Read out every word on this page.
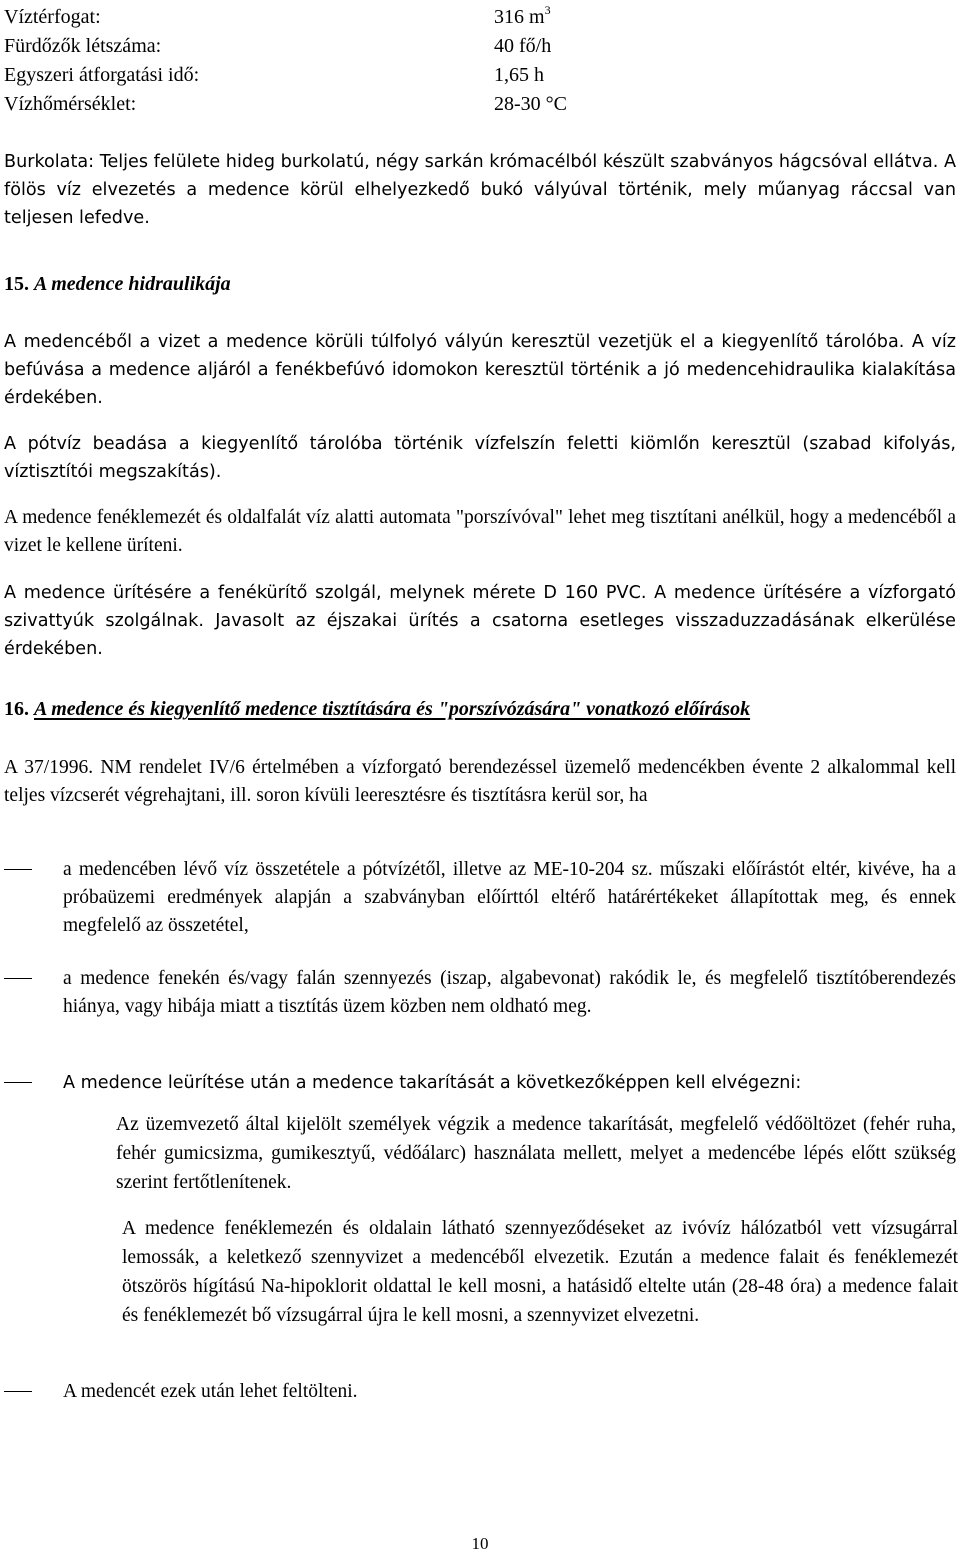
Víztérfogat:	316 $m^3$
Fürdőzők létszáma:	40 fő/h
Egyszeri átforgatási idő:	1,65 h
Vízhőmérséklet:	28-30 °C

Burkolata: Teljes felülete hideg burkolatú, négy sarkán krómacélból készült szabványos hágcsóval ellátva. A fölös víz elvezetés a medence körül elhelyezkedő bukó vályúval történik, mely műanyag ráccsal van teljesen lefedve.

15. A medence hidraulikája

A medencéből a vizet a medence körüli túlfolyó vályún keresztül vezetjük el a kiegyenlítő tárolóba. A víz befúvása a medence aljáról a fenékbefúvó idomokon keresztül történik a jó medencehidraulika kialakítása érdekében.

A pótvíz beadása a kiegyenlítő tárolóba történik vízfelszín feletti kiömlőn keresztül (szabad kifolyás, víztisztítói megszakítás).

A medence fenéklemezét és oldalfalát víz alatti automata "porszívóval" lehet meg tisztítani anélkül, hogy a medencéből a vizet le kellene üríteni.

A medence ürítésére a fenékürítő szolgál, melynek mérete D 160 PVC. A medence ürítésére a vízforgató szivattyúk szolgálnak. Javasolt az éjszakai ürítés a csatorna esetleges visszaduzzadásának elkerülése érdekében.

16. A medence és kiegyenlítő medence tisztítására és "porszívózására" vonatkozó előírások

A 37/1996. NM rendelet IV/6 értelmében a vízforgató berendezéssel üzemelő medencékben évente 2 alkalommal kell teljes vízcserét végrehajtani, ill. soron kívüli leeresztésre és tisztításra kerül sor, ha

a medencében lévő víz összetétele a pótvízétől, illetve az ME-10-204 sz. műszaki előírástót eltér, kivéve, ha a próbaüzemi eredmények alapján a szabványban előírttól eltérő határértékeket állapítottak meg, és ennek megfelelő az összetétel,

a medence fenekén és/vagy falán szennyezés (iszap, algabevonat) rakódik le, és megfelelő tisztítóberendezés hiánya, vagy hibája miatt a tisztítás üzem közben nem oldható meg.

A medence leürítése után a medence takarítását a következőképpen kell elvégezni:

Az üzemvezető által kijelölt személyek végzik a medence takarítását, megfelelő védőöltözet (fehér ruha, fehér gumicsizma, gumikesztyű, védőálarc) használata mellett, melyet a medencébe lépés előtt szükség szerint fertőtlenítenek.

A medence fenéklemezén és oldalain látható szennyeződéseket az ivóvíz hálózatból vett vízsugárral lemossák, a keletkező szennyvizet a medencéből elvezetik. Ezután a medence falait és fenéklemezét ötszörös hígítású Na-hipoklorit oldattal le kell mosni, a hatásidő eltelte után (28-48 óra) a medence falait és fenéklemezét bő vízsugárral újra le kell mosni, a szennyvizet elvezetni.

A medencét ezek után lehet feltölteni.

10
